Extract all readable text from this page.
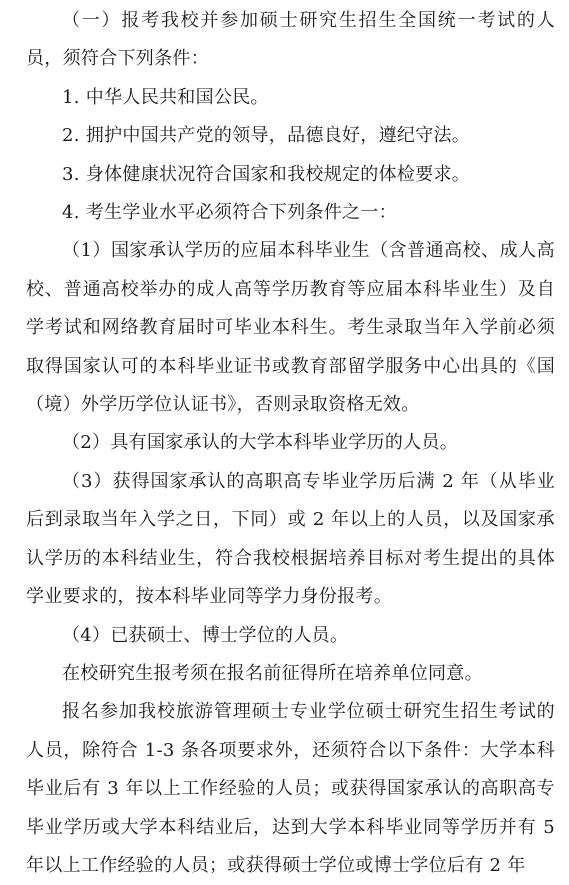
（一）报考我校并参加硕士研究生招生全国统一考试的人员，须符合下列条件：

1. 中华人民共和国公民。

2. 拥护中国共产党的领导，品德良好，遵纪守法。

3. 身体健康状况符合国家和我校规定的体检要求。

4. 考生学业水平必须符合下列条件之一：

（1）国家承认学历的应届本科毕业生（含普通高校、成人高校、普通高校举办的成人高等学历教育等应届本科毕业生）及自学考试和网络教育届时可毕业本科生。考生录取当年入学前必须取得国家认可的本科毕业证书或教育部留学服务中心出具的《国（境）外学历学位认证书》，否则录取资格无效。

（2）具有国家承认的大学本科毕业学历的人员。

（3）获得国家承认的高职高专毕业学历后满 2 年（从毕业后到录取当年入学之日，下同）或 2 年以上的人员，以及国家承认学历的本科结业生，符合我校根据培养目标对考生提出的具体学业要求的，按本科毕业同等学力身份报考。

（4）已获硕士、博士学位的人员。

在校研究生报考须在报名前征得所在培养单位同意。

报名参加我校旅游管理硕士专业学位硕士研究生招生考试的人员，除符合 1-3 条各项要求外，还须符合以下条件：大学本科毕业后有 3 年以上工作经验的人员；或获得国家承认的高职高专毕业学历或大学本科结业后，达到大学本科毕业同等学历并有 5 年以上工作经验的人员；或获得硕士学位或博士学位后有 2 年
